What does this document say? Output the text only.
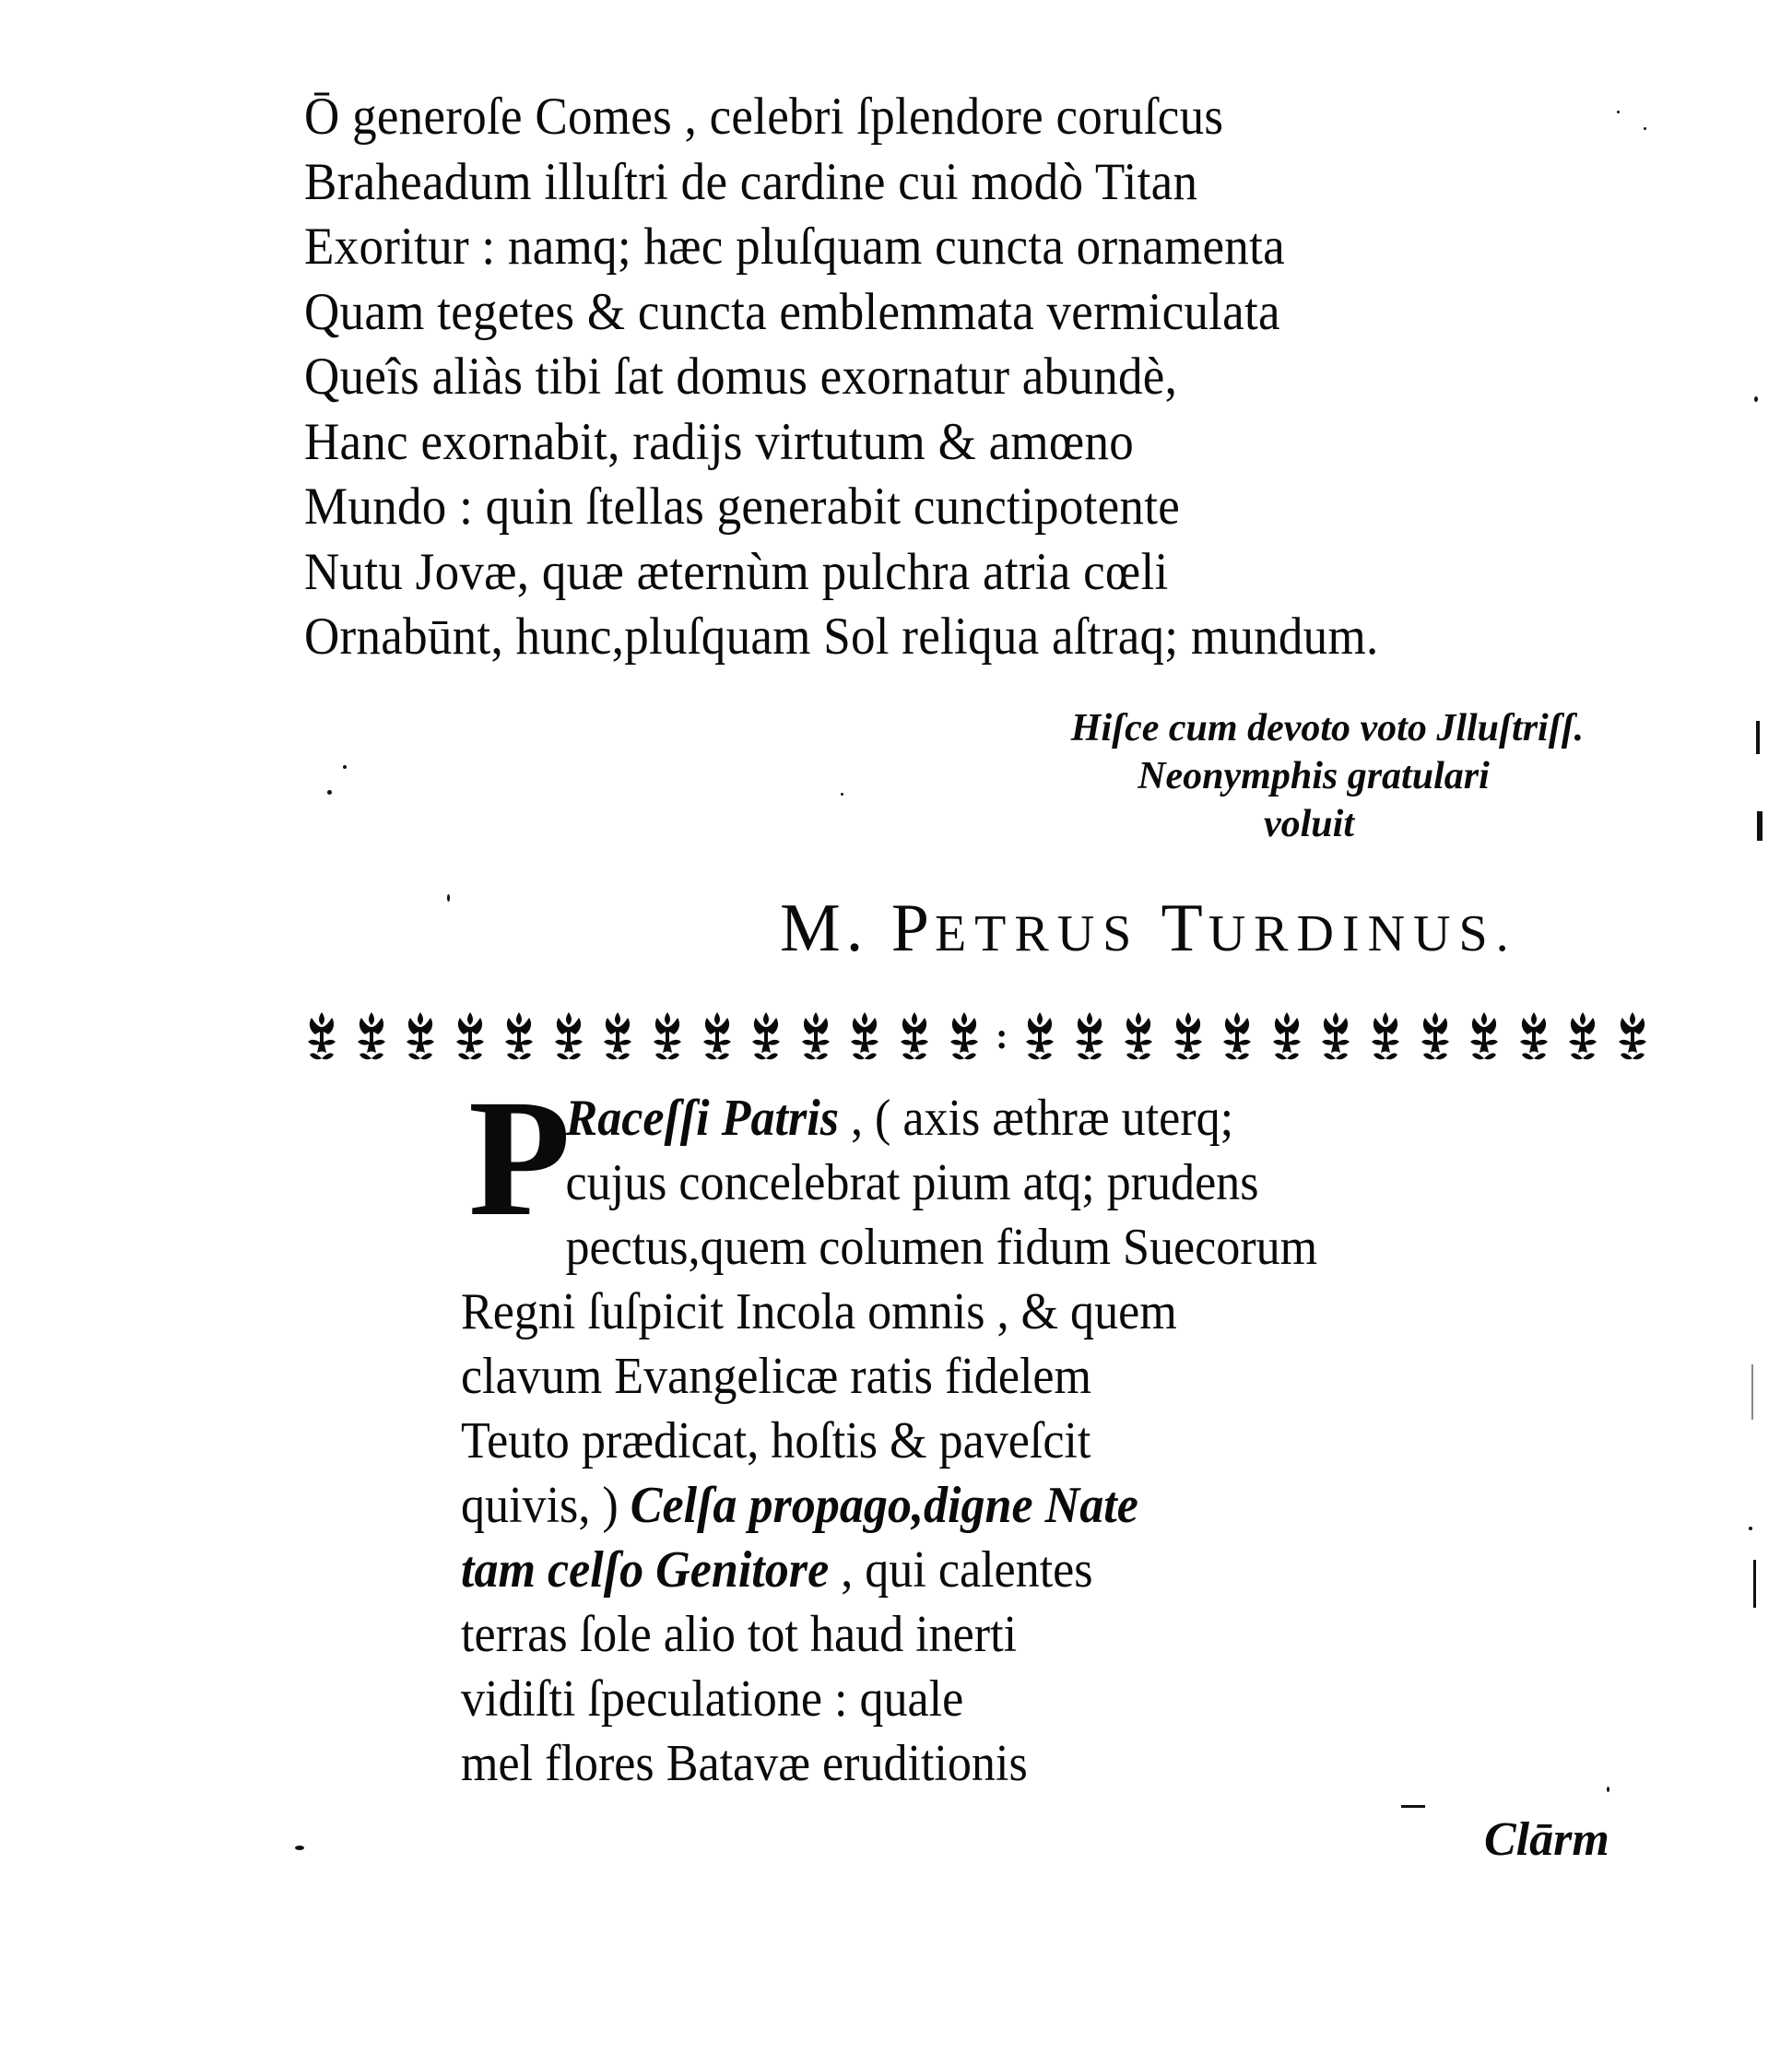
Ō generoſe Comes , celebri ſplendore coruſcus
Braheadum illuſtri de cardine cui modò Titan
Exoritur : namq; hæc pluſquam cuncta ornamenta
Quam tegetes & cuncta emblemmata vermiculata
Queîs aliàs tibi ſat domus exornatur abundè,
Hanc exornabit, radijs virtutum & amœno
Mundo : quin ſtellas generabit cunctipotente
Nutu Jovæ, quæ æternùm pulchra atria cœli
Ornabūnt, hunc,pluſquam Sol reliqua aſtraq; mundum.
Hiſce cum devoto voto Jlluſtriſſ.
Neonymphis gratulari
voluit
M. PETRUS TURDINUS.
:
P
Raceſſi Patris , ( axis æthræ uterq;
cujus concelebrat pium atq; prudens
pectus,quem columen fidum Suecorum
Regni ſuſpicit Incola omnis , & quem
clavum Evangelicæ ratis fidelem
Teuto prædicat, hoſtis & paveſcit
quivis, ) Celſa propago,digne Nate
tam celſo Genitore , qui calentes
terras ſole alio tot haud inerti
vidiſti ſpeculatione : quale
mel flores Batavæ eruditionis
Clārm
